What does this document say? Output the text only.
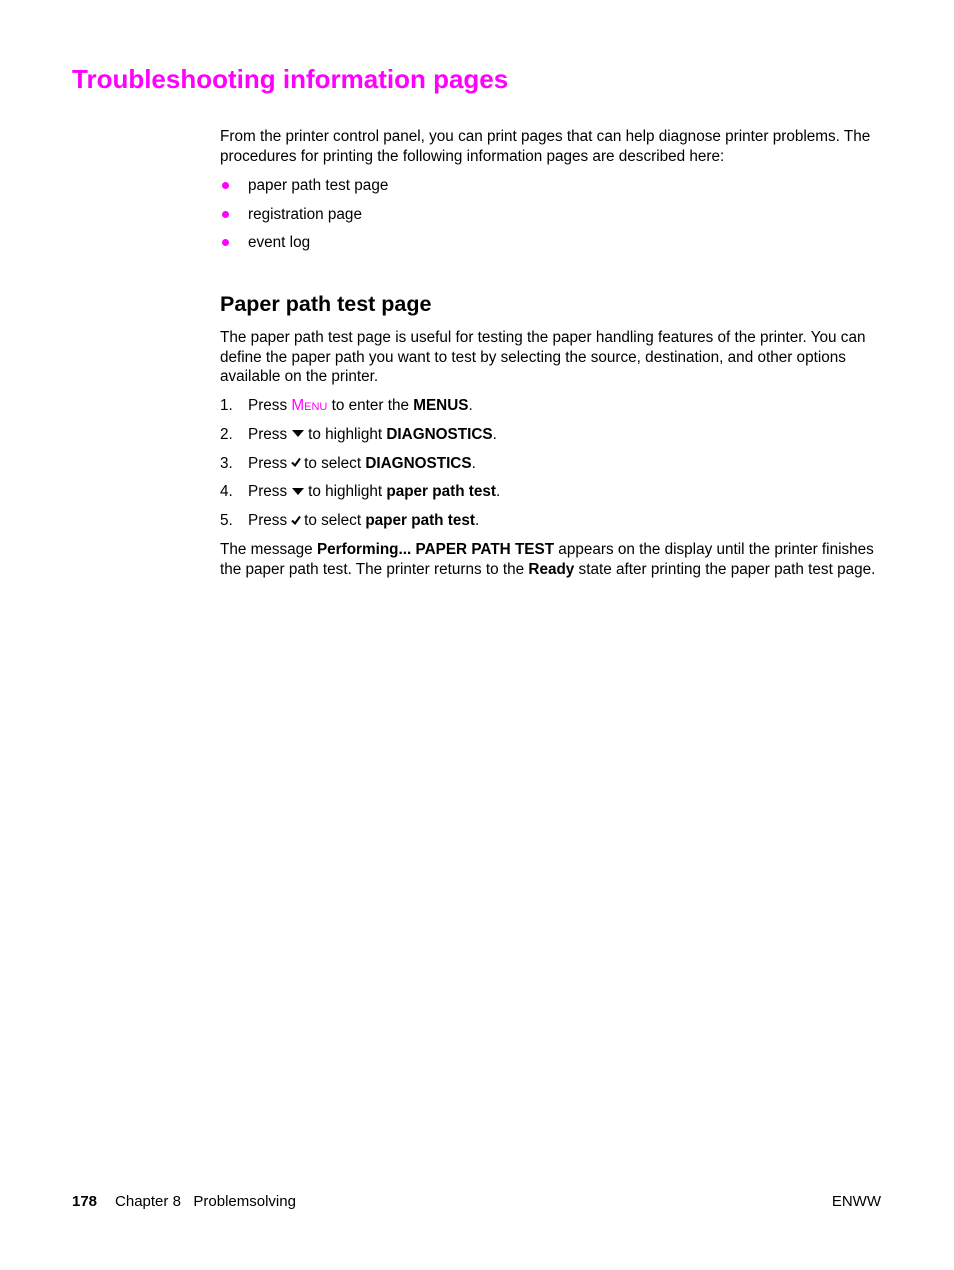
Troubleshooting information pages

From the printer control panel, you can print pages that can help diagnose printer problems. The procedures for printing the following information pages are described here:

paper path test page
registration page
event log
Paper path test page

The paper path test page is useful for testing the paper handling features of the printer. You can define the paper path you want to test by selecting the source, destination, and other options available on the printer.

1. Press Menu to enter the MENUS.
2. Press to highlight DIAGNOSTICS.
3. Press to select DIAGNOSTICS.
4. Press to highlight paper path test.
5. Press to select paper path test.

The message Performing... PAPER PATH TEST appears on the display until the printer finishes the paper path test. The printer returns to the Ready state after printing the paper path test page.

178 Chapter 8   Problemsolving	ENWW
